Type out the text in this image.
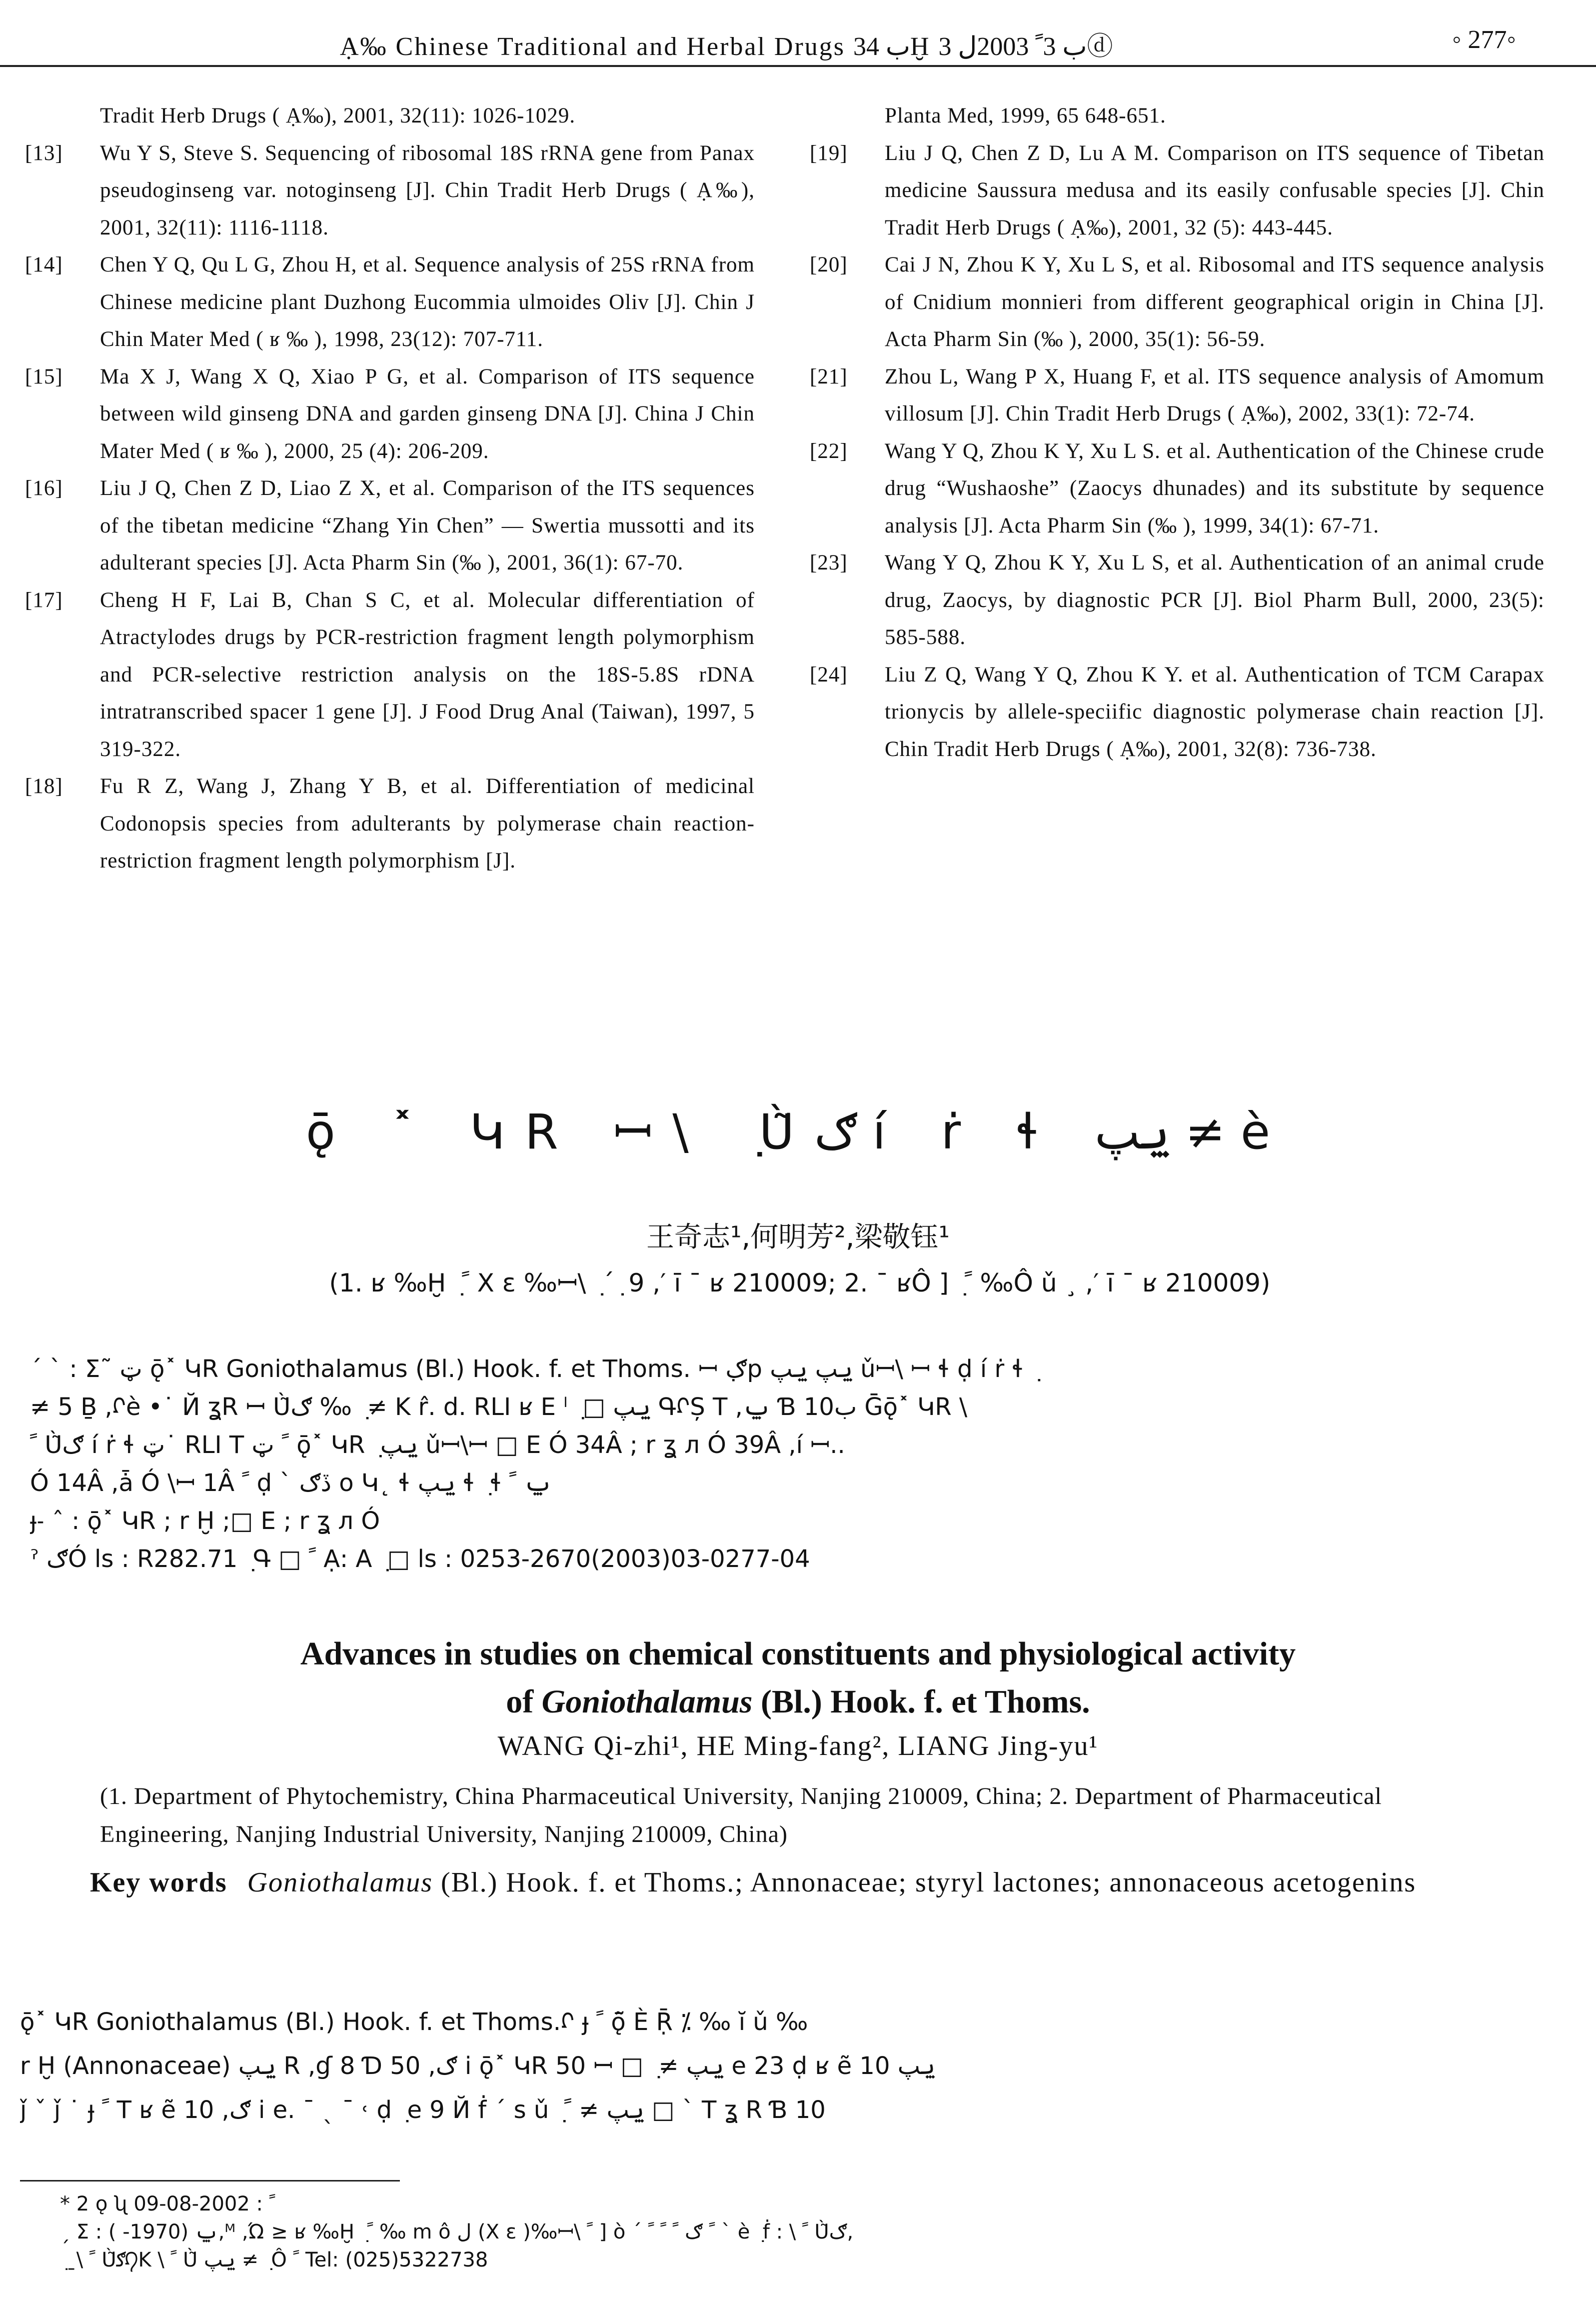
Ạ‰ Chinese Traditional and Herbal Drugs ب 34Ḫ ب 3ﹰ 2003ل 3ⓓ	◦ 277◦
Tradit Herb Drugs ( Ạ‰), 2001, 32(11): 1026-1029.
[13] Wu Y S, Steve S. Sequencing of ribosomal 18S rRNA gene from Panax pseudoginseng var. notoginseng [J]. Chin Tradit Herb Drugs ( Ạ‰), 2001, 32(11): 1116-1118.
[14] Chen Y Q, Qu L G, Zhou H, et al. Sequence analysis of 25S rRNA from Chinese medicine plant Duzhong Eucommia ulmoides Oliv [J]. Chin J Chin Mater Med ( ʁ ‰ ), 1998, 23(12): 707-711.
[15] Ma X J, Wang X Q, Xiao P G, et al. Comparison of ITS sequence between wild ginseng DNA and garden ginseng DNA [J]. China J Chin Mater Med ( ʁ ‰ ), 2000, 25 (4): 206-209.
[16] Liu J Q, Chen Z D, Liao Z X, et al. Comparison of the ITS sequences of the tibetan medicine “Zhang Yin Chen” — Swertia mussotti and its adulterant species [J]. Acta Pharm Sin (‰ ), 2001, 36(1): 67-70.
[17] Cheng H F, Lai B, Chan S C, et al. Molecular differentiation of Atractylodes drugs by PCR-restriction fragment length polymorphism and PCR-selective restriction analysis on the 18S-5.8S rDNA intratranscribed spacer 1 gene [J]. J Food Drug Anal (Taiwan), 1997, 5 319-322.
[18] Fu R Z, Wang J, Zhang Y B, et al. Differentiation of medicinal Codonopsis species from adulterants by polymerase chain reaction-restriction fragment length polymorphism [J].
Planta Med, 1999, 65 648-651.
[19] Liu J Q, Chen Z D, Lu A M. Comparison on ITS sequence of Tibetan medicine Saussura medusa and its easily confusable species [J]. Chin Tradit Herb Drugs ( Ạ‰), 2001, 32 (5): 443-445.
[20] Cai J N, Zhou K Y, Xu L S, et al. Ribosomal and ITS sequence analysis of Cnidium monnieri from different geographical origin in China [J]. Acta Pharm Sin (‰ ), 2000, 35(1): 56-59.
[21] Zhou L, Wang P X, Huang F, et al. ITS sequence analysis of Amomum villosum [J]. Chin Tradit Herb Drugs ( Ạ‰), 2002, 33(1): 72-74.
[22] Wang Y Q, Zhou K Y, Xu L S. et al. Authentication of the Chinese crude drug “Wushaoshe” (Zaocys dhunades) and its substitute by sequence analysis [J]. Acta Pharm Sin (‰ ), 1999, 34(1): 67-71.
[23] Wang Y Q, Zhou K Y, Xu L S, et al. Authentication of an animal crude drug, Zaocys, by diagnostic PCR [J]. Biol Pharm Bull, 2000, 23(5): 585-588.
[24] Liu Z Q, Wang Y Q, Zhou K Y. et al. Authentication of TCM Carapax trionycis by allele-speciific diagnostic polymerase chain reaction [J]. Chin Tradit Herb Drugs ( Ạ‰), 2001, 32(8): 736-738.
ǭ ˟ ԿR ꟷ\ ݂ Ù̃ګ í ṙ ɬ ݐپ ≠ è
王奇志¹,何明芳²,梁敬钰¹
(1. ʁ ‰Ḫ ݂ ﹰ X ε ‰ꟷ\ ݂ ´ ݂ 9 ,′ ī ¯ ʁ 210009; 2. ¯ ʁÔ ] ݂ ﹰ ‰Ô ǔ ¸ ,′ ī ¯ ʁ 210009)
ˊ ˋ : Ʃ˜ ټ ǭ˟ ԿR Goniothalamus (Bl.) Hook. f. et Thoms. ꟷ ݂ګp ݐپ ݐپ ǔꟷ\ ꟷ ɬ ḍ í ṙ ɬ ݂
≠ 5 Ḇ ,ᡗè •˙ Й ʓR ꟷ Ù̃ګ ‰ ݂ ≠ K r̂. d. RLI ʁ E ˡ ݂ □ ݐپ ԳᡗȘ T ,ݐ Ɓ 10ب Ḡǭ˟ ԿR \
ﹰ Ù̃ګ í ṙ ɬ ټ˙ RLI T ﹰ ټ ǭ˟ ԿR ݂ ݐپ ǔꟷ\ꟷ □ E Ó 34Â ; r ʓ л Ó 39Â ,í ꟷ..
Ó 14Â ,ǡ Ó \ꟷ 1Â ﹰ ḍ ˋ ڏګ o Կ˛ ɬ ݐپ ɬ ݂ ɬ ݐ ﹰ
ɟ˗ ˆ : ǭ˟ ԿR ; r Ḫ ;□ E ; r ʓ л Ó
ˀ ګÓ ls : R282.71 ݂ Գ □ ﹰ Ạ: A ݂ □ ls : 0253-2670(2003)03-0277-04
Advances in studies on chemical constituents and physiological activity
of Goniothalamus (Bl.) Hook. f. et Thoms.
WANG Qi-zhi¹, HE Ming-fang², LIANG Jing-yu¹
(1. Department of Phytochemistry, China Pharmaceutical University, Nanjing 210009, China; 2. Department of Pharmaceutical Engineering, Nanjing Industrial University, Nanjing 210009, China)
Key words Goniothalamus (Bl.) Hook. f. et Thoms.; Annonaceae; styryl lactones; annonaceous acetogenins
ǭ˟ ԿR Goniothalamus (Bl.) Hook. f. et Thoms.ᡗ ɟ ﹰ ǭ̃ È Ṝ ⁒ ‰ ĭ ǔ ‰
r Ḫ (Annonaceae) ݐپ R ,ɠ 8 Ɗ 50 ,ګ i ǭ˟ ԿR 50 ꟷ □ ݂ ≠ ݐپ e 23 ḍ ʁ ẽ ݐپ 10
ǰ ˇ ǰ ˙ ɟ ﹰ T ʁ ẽ 10 ,ګ i e. ¯ ˎ ¯ ˓ ḍ ݂ e 9 Й ḟ ´ s ǔ ݂ ݐپ ≠ ﹰ □ ˋ T ʓ R Ɓ 10
* 2 ǫ ʯ ﹰ : 2002-08-09
ˏ Ʃ : ݐ (1970- ),ᴹ ,Ώ ≥ ʁ ‰Ḫ ݂ ﹰ ‰ m ô ل (X ε )‰ꟷ\ ﹰ ] ò ´ ﹰ ګ ﹰ ﹰ ﹰ ˋ è ݂ ḟ : \ ﹰ Ù̃ګ,
݂ ˍ\ ﹰ Ù̃ګᡗK \ ﹰ Ù̃ ݐپ ≠ ݂ Ô ﹰ Tel: (025)5322738
